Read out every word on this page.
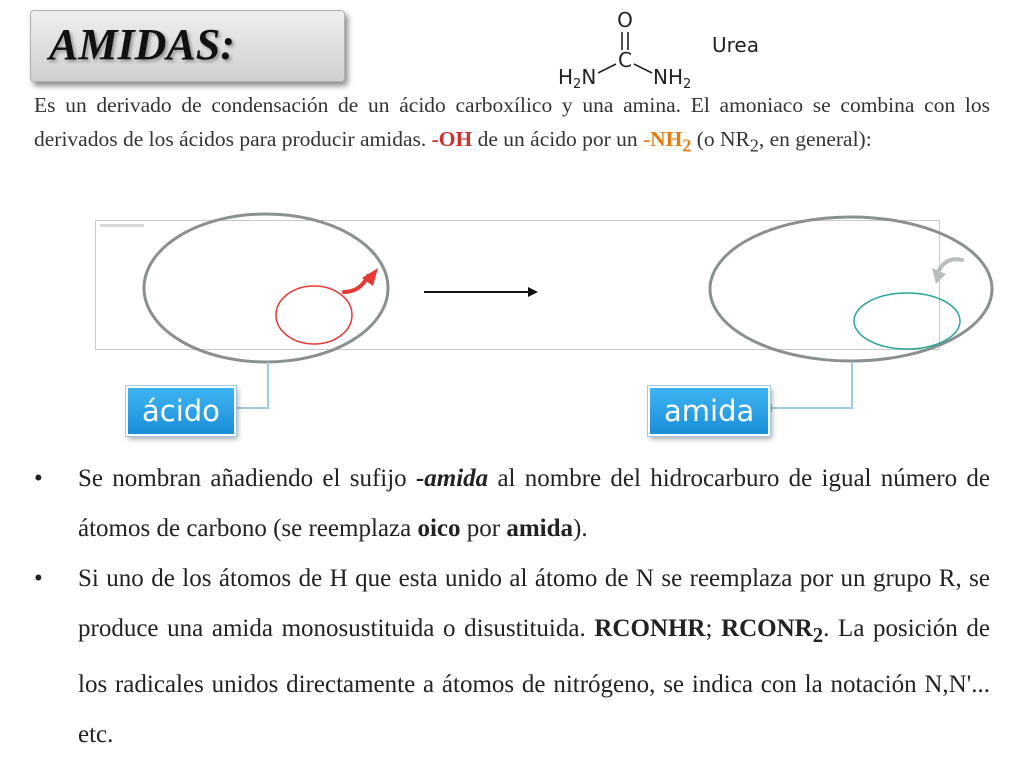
AMIDAS:	O
C
$H_2N$	$NH_2$
Urea
Es un derivado de condensación de un ácido carboxílico y una amina. El amoniaco se combina con los derivados de los ácidos para producir amidas. -OH de un ácido por un $-NH_2$ (o $NR_2$, en general):
ácido	amida
• Se nombran añadiendo el sufijo -amida al nombre del hidrocarburo de igual número de átomos de carbono (se reemplaza oico por amida).
• Si uno de los átomos de H que esta unido al átomo de N se reemplaza por un grupo R, se produce una amida monosustituida o disustituida. RCONHR; $RCONR_2$. La posición de los radicales unidos directamente a átomos de nitrógeno, se indica con la notación N,N'... etc.
